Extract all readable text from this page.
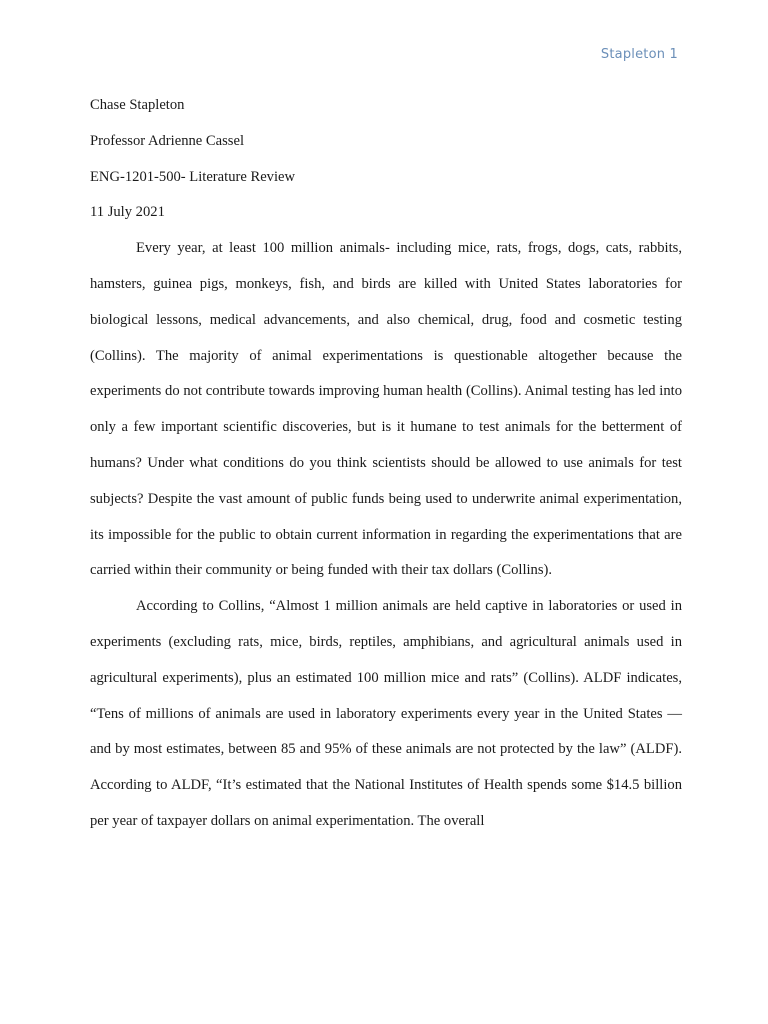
Stapleton 1

Chase Stapleton

Professor Adrienne Cassel

ENG-1201-500- Literature Review

11 July 2021

Every year, at least 100 million animals- including mice, rats, frogs, dogs, cats, rabbits, hamsters, guinea pigs, monkeys, fish, and birds are killed with United States laboratories for biological lessons, medical advancements, and also chemical, drug, food and cosmetic testing (Collins). The majority of animal experimentations is questionable altogether because the experiments do not contribute towards improving human health (Collins). Animal testing has led into only a few important scientific discoveries, but is it humane to test animals for the betterment of humans? Under what conditions do you think scientists should be allowed to use animals for test subjects? Despite the vast amount of public funds being used to underwrite animal experimentation, its impossible for the public to obtain current information in regarding the experimentations that are carried within their community or being funded with their tax dollars (Collins).

According to Collins, “Almost 1 million animals are held captive in laboratories or used in experiments (excluding rats, mice, birds, reptiles, amphibians, and agricultural animals used in agricultural experiments), plus an estimated 100 million mice and rats” (Collins). ALDF indicates, “Tens of millions of animals are used in laboratory experiments every year in the United States — and by most estimates, between 85 and 95% of these animals are not protected by the law” (ALDF). According to ALDF, “It’s estimated that the National Institutes of Health spends some $14.5 billion per year of taxpayer dollars on animal experimentation. The overall
